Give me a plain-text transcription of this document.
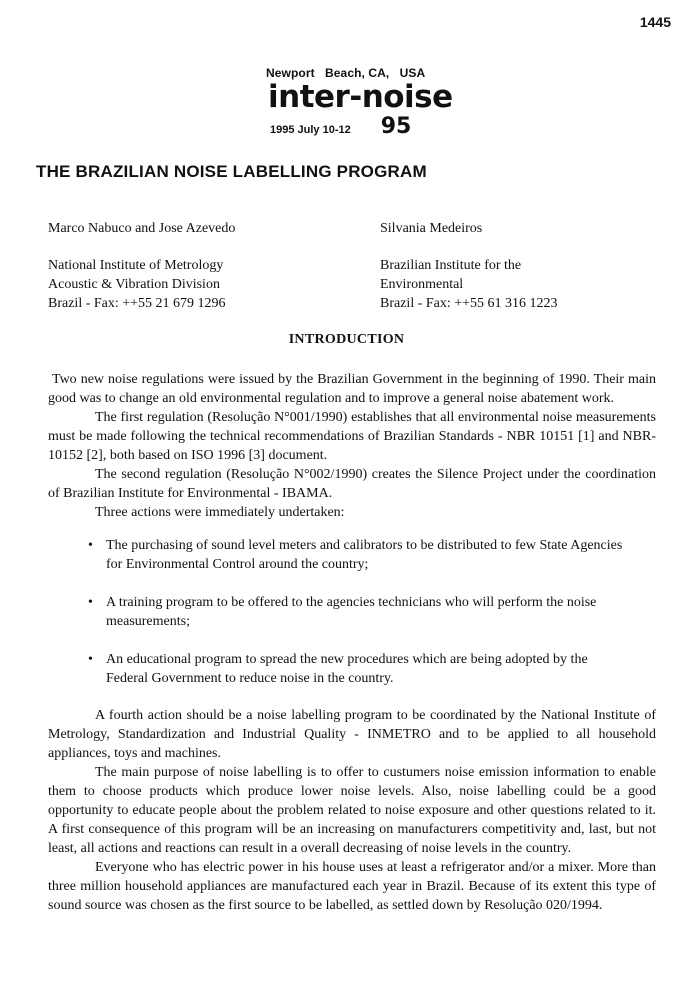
1445
Newport   Beach, CA,   USA
inter-noise
1995 July 10-12 95
THE BRAZILIAN NOISE LABELLING PROGRAM
Marco Nabuco and Jose Azevedo
National Institute of Metrology
Acoustic & Vibration Division
Brazil - Fax: ++55 21 679 1296
Silvania Medeiros
Brazilian Institute for the
Environmental
Brazil - Fax: ++55 61 316 1223
INTRODUCTION

Two new noise regulations were issued by the Brazilian Government in the beginning of 1990. Their main good was to change an old environmental regulation and to improve a general noise abatement work.

The first regulation (Resolução N°001/1990) establishes that all environmental noise measurements must be made following the technical recommendations of Brazilian Standards - NBR 10151 [1] and NBR-10152 [2], both based on ISO 1996 [3] document.

The second regulation (Resolução N°002/1990) creates the Silence Project under the coordination of Brazilian Institute for Environmental - IBAMA.

Three actions were immediately undertaken:

• The purchasing of sound level meters and calibrators to be distributed to few State Agencies for Environmental Control around the country;
• A training program to be offered to the agencies technicians who will perform the noise measurements;
• An educational program to spread the new procedures which are being adopted by the Federal Government to reduce noise in the country.

A fourth action should be a noise labelling program to be coordinated by the National Institute of Metrology, Standardization and Industrial Quality - INMETRO and to be applied to all household appliances, toys and machines.

The main purpose of noise labelling is to offer to custumers noise emission information to enable them to choose products which produce lower noise levels. Also, noise labelling could be a good opportunity to educate people about the problem related to noise exposure and other questions related to it. A first consequence of this program will be an increasing on manufacturers competitivity and, last, but not least, all actions and reactions can result in a overall decreasing of noise levels in the country.

Everyone who has electric power in his house uses at least a refrigerator and/or a mixer. More than three million household appliances are manufactured each year in Brazil. Because of its extent this type of sound source was chosen as the first source to be labelled, as settled down by Resolução 020/1994.
